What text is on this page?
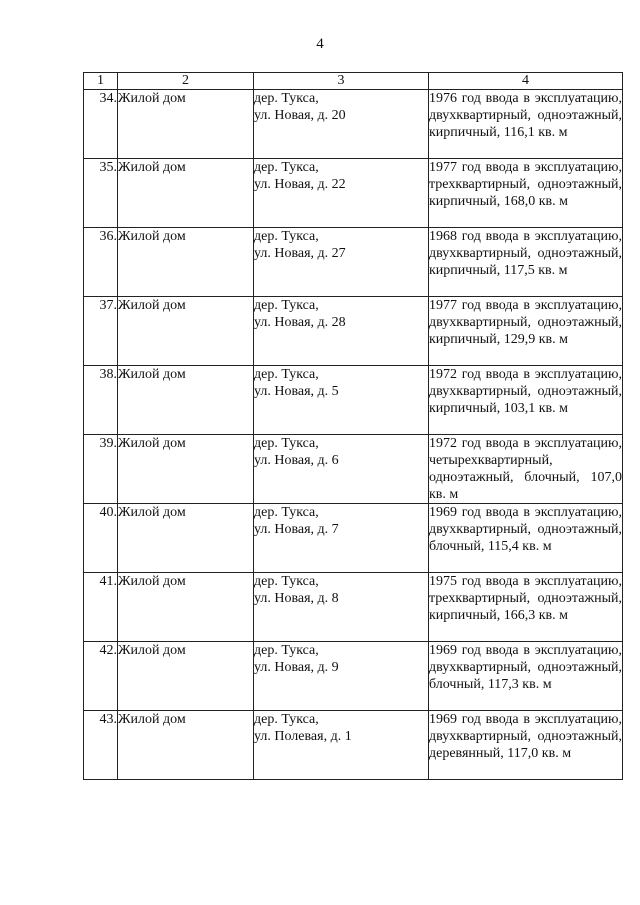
4
1	2	3	4
34.	Жилой дом	дер. Тукса,
ул. Новая, д. 20	1976 год ввода в эксплуатацию, двухквартирный, одноэтажный, кирпичный, 116,1 кв. м
35.	Жилой дом	дер. Тукса,
ул. Новая, д. 22	1977 год ввода в эксплуатацию, трехквартирный, одноэтажный, кирпичный, 168,0 кв. м
36.	Жилой дом	дер. Тукса,
ул. Новая, д. 27	1968 год ввода в эксплуатацию, двухквартирный, одноэтажный, кирпичный, 117,5 кв. м
37.	Жилой дом	дер. Тукса,
ул. Новая, д. 28	1977 год ввода в эксплуатацию, двухквартирный, одноэтажный, кирпичный, 129,9 кв. м
38.	Жилой дом	дер. Тукса,
ул. Новая, д. 5	1972 год ввода в эксплуатацию, двухквартирный, одноэтажный, кирпичный, 103,1 кв. м
39.	Жилой дом	дер. Тукса,
ул. Новая, д. 6	1972 год ввода в эксплуатацию, четырехквартирный, одноэтажный, блочный, 107,0 кв. м
40.	Жилой дом	дер. Тукса,
ул. Новая, д. 7	1969 год ввода в эксплуатацию, двухквартирный, одноэтажный, блочный, 115,4 кв. м
41.	Жилой дом	дер. Тукса,
ул. Новая, д. 8	1975 год ввода в эксплуатацию, трехквартирный, одноэтажный, кирпичный, 166,3 кв. м
42.	Жилой дом	дер. Тукса,
ул. Новая, д. 9	1969 год ввода в эксплуатацию, двухквартирный, одноэтажный, блочный, 117,3 кв. м
43.	Жилой дом	дер. Тукса,
ул. Полевая, д. 1	1969 год ввода в эксплуатацию, двухквартирный, одноэтажный, деревянный, 117,0 кв. м
